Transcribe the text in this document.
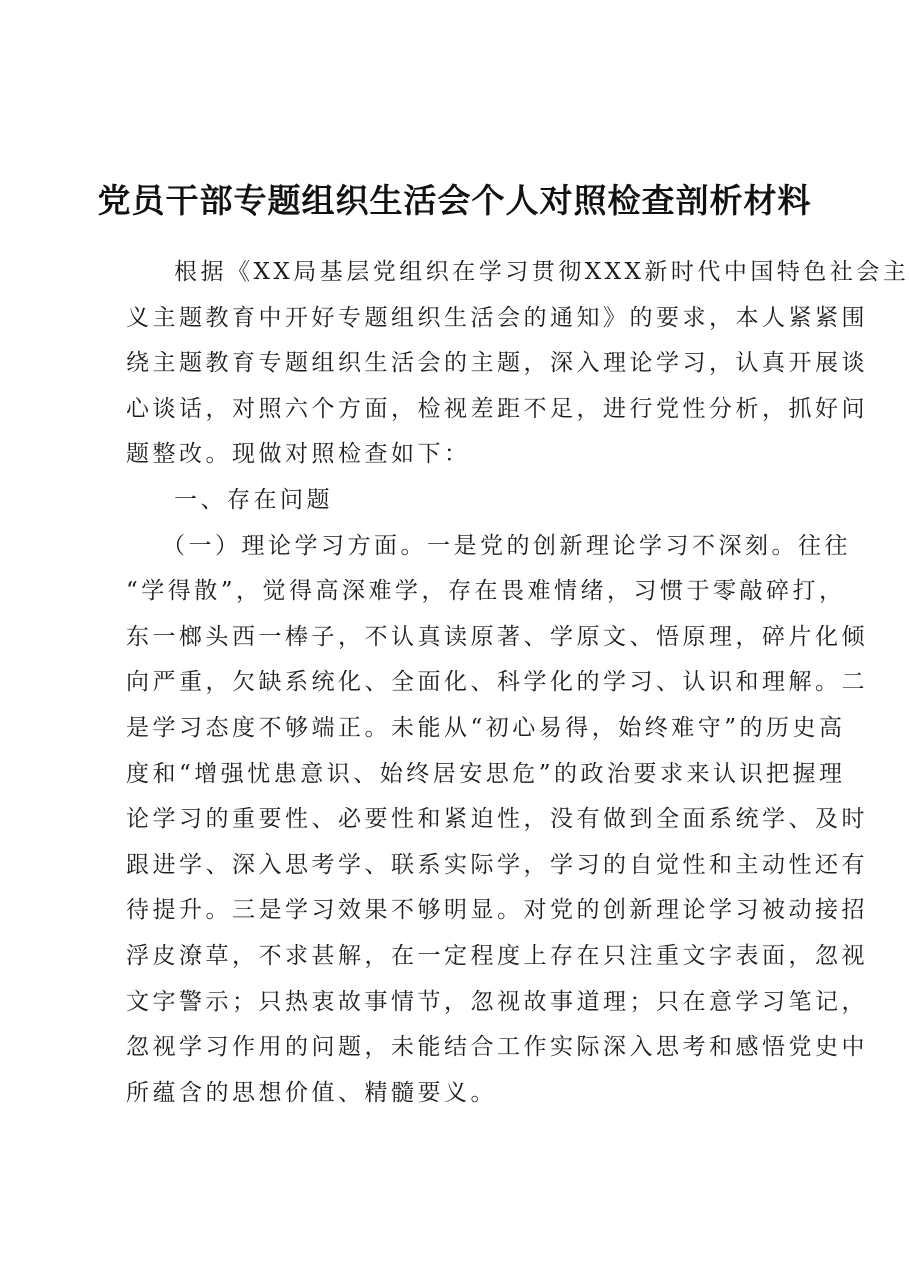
党员干部专题组织生活会个人对照检查剖析材料
根据《XX局基层党组织在学习贯彻XXX新时代中国特色社会主
义主题教育中开好专题组织生活会的通知》的要求，本人紧紧围
绕主题教育专题组织生活会的主题，深入理论学习，认真开展谈
心谈话，对照六个方面，检视差距不足，进行党性分析，抓好问
题整改。现做对照检查如下：
一、存在问题
（一）理论学习方面。一是党的创新理论学习不深刻。往往
“学得散”，觉得高深难学，存在畏难情绪，习惯于零敲碎打，
东一榔头西一棒子，不认真读原著、学原文、悟原理，碎片化倾
向严重，欠缺系统化、全面化、科学化的学习、认识和理解。二
是学习态度不够端正。未能从“初心易得，始终难守”的历史高
度和“增强忧患意识、始终居安思危”的政治要求来认识把握理
论学习的重要性、必要性和紧迫性，没有做到全面系统学、及时
跟进学、深入思考学、联系实际学，学习的自觉性和主动性还有
待提升。三是学习效果不够明显。对党的创新理论学习被动接招
浮皮潦草，不求甚解，在一定程度上存在只注重文字表面，忽视
文字警示；只热衷故事情节，忽视故事道理；只在意学习笔记，
忽视学习作用的问题，未能结合工作实际深入思考和感悟党史中
所蕴含的思想价值、精髓要义。
